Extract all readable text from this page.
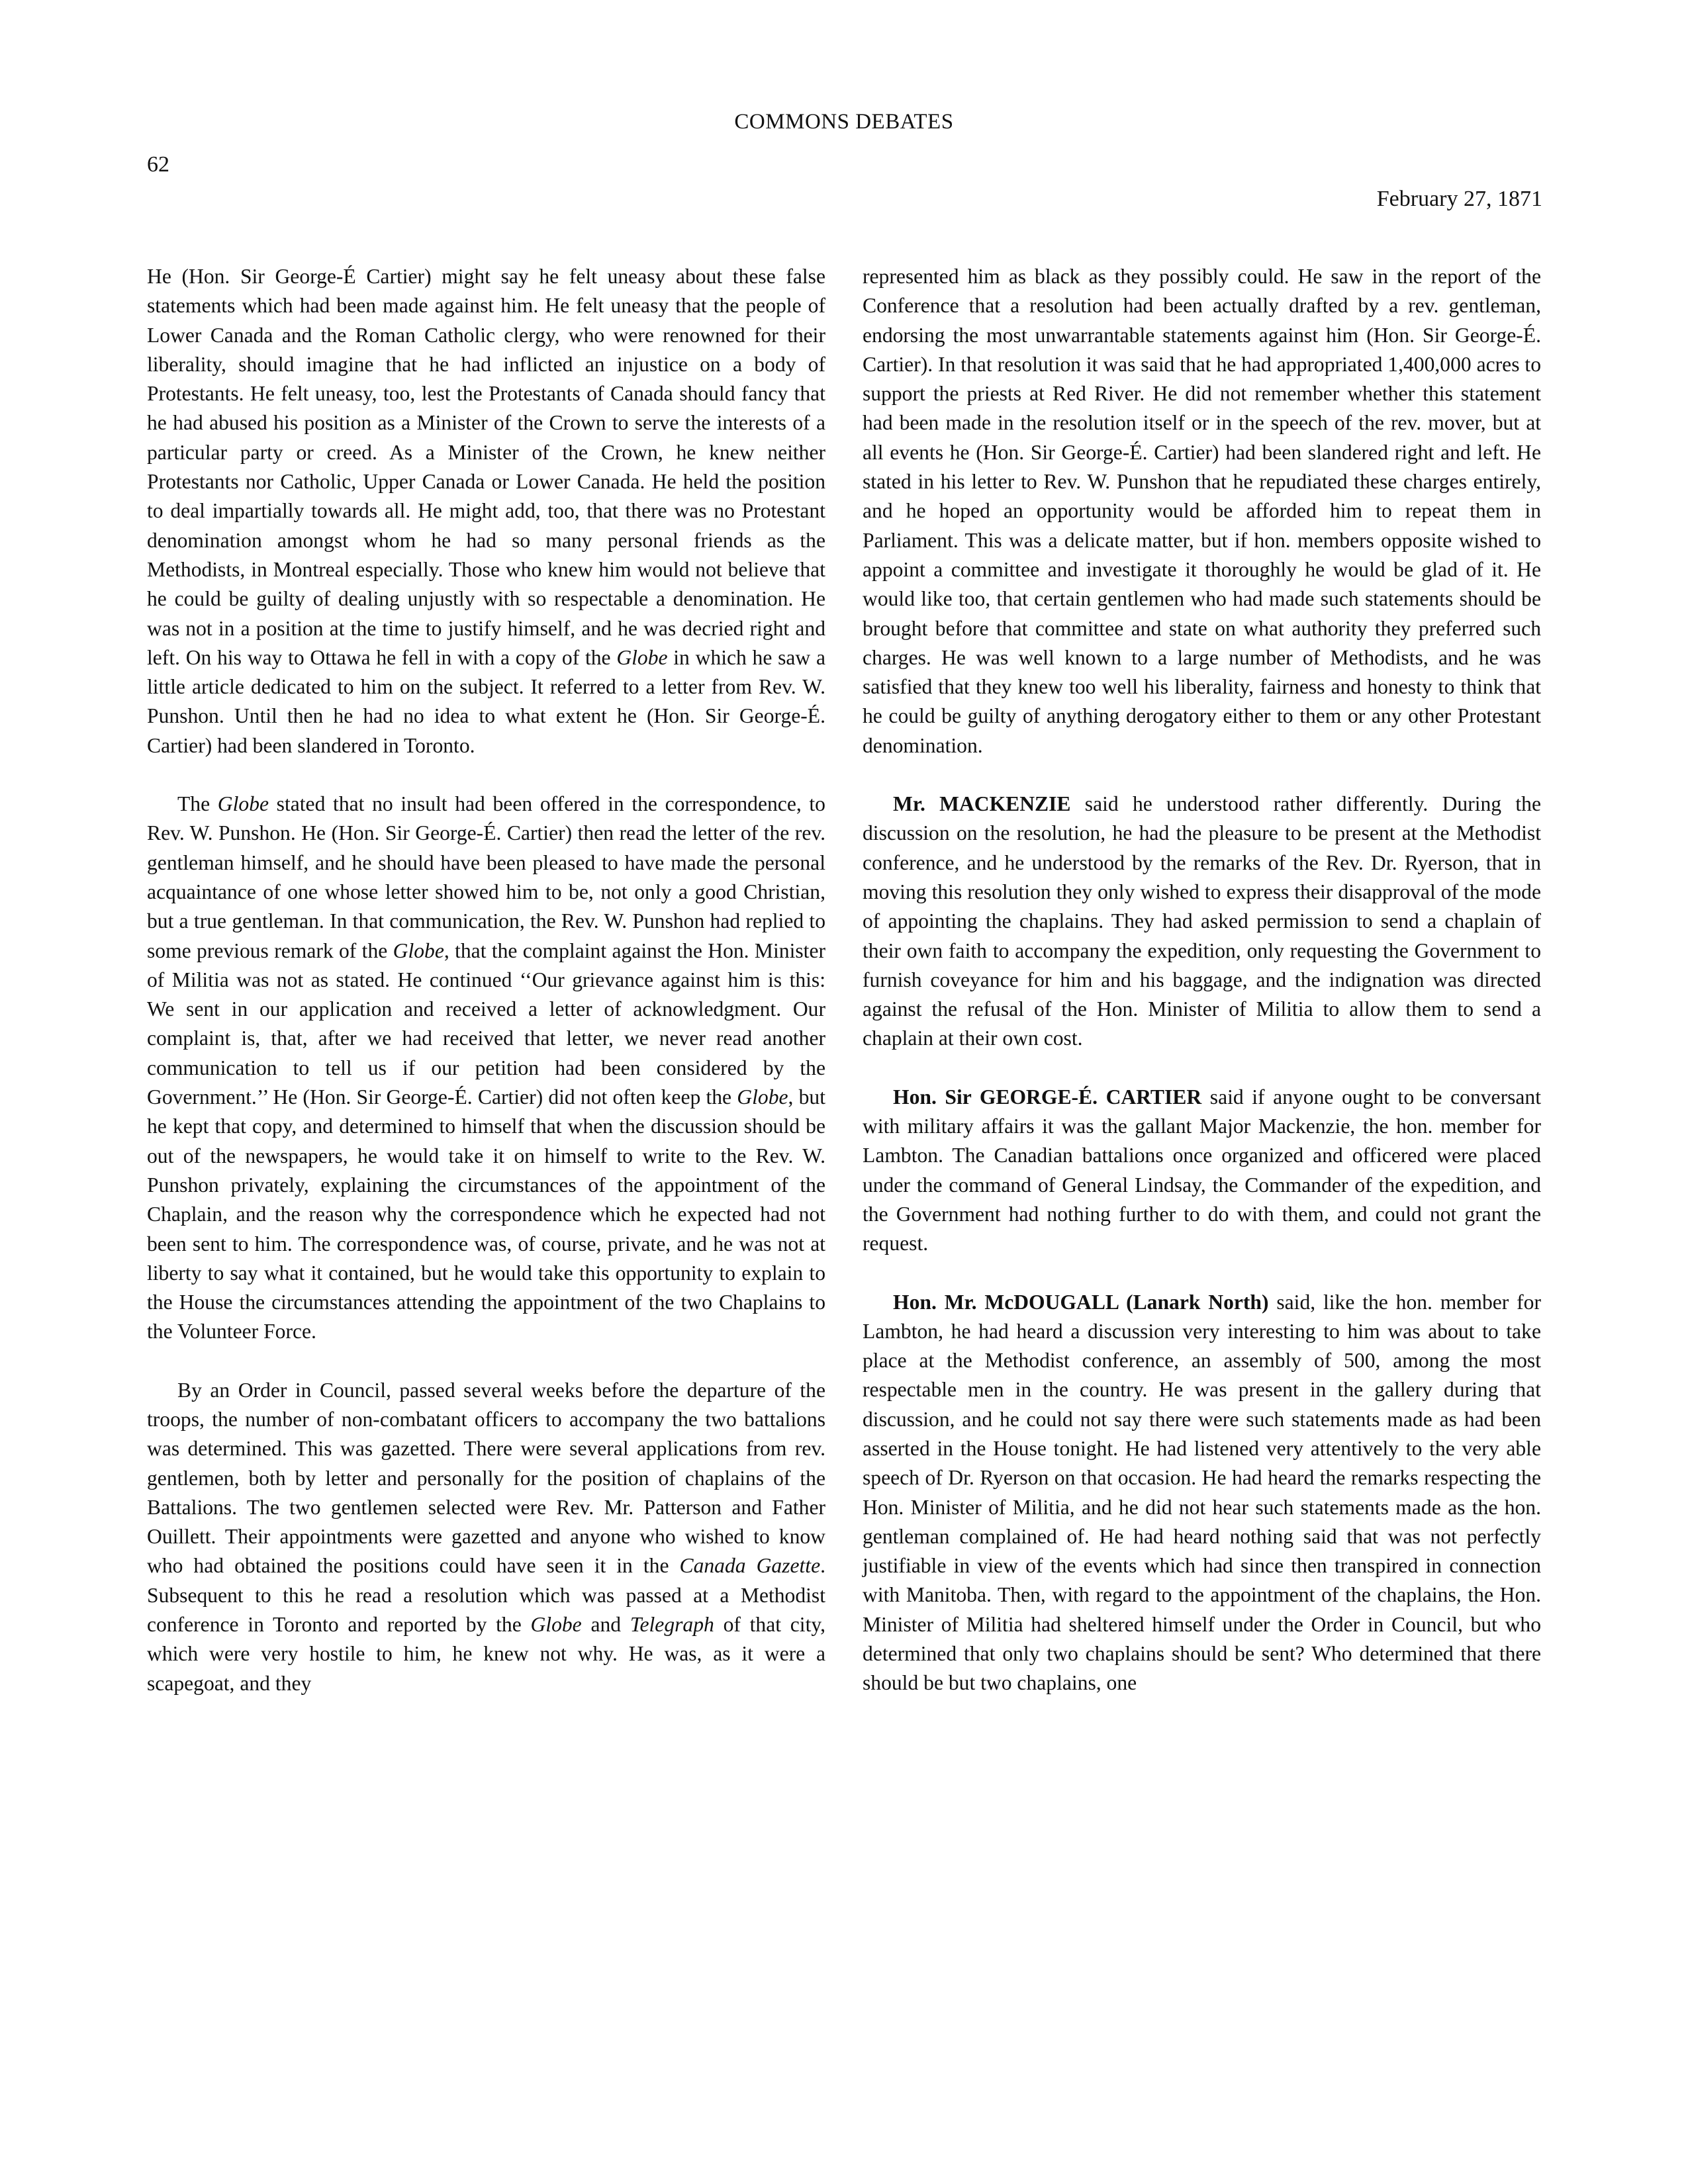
COMMONS DEBATES
62
February 27, 1871

He (Hon. Sir George-É Cartier) might say he felt uneasy about these false statements which had been made against him. He felt uneasy that the people of Lower Canada and the Roman Catholic clergy, who were renowned for their liberality, should imagine that he had inflicted an injustice on a body of Protestants. He felt uneasy, too, lest the Protestants of Canada should fancy that he had abused his position as a Minister of the Crown to serve the interests of a particular party or creed. As a Minister of the Crown, he knew neither Protestants nor Catholic, Upper Canada or Lower Canada. He held the position to deal impartially towards all. He might add, too, that there was no Protestant denomination amongst whom he had so many personal friends as the Methodists, in Montreal especially. Those who knew him would not believe that he could be guilty of dealing unjustly with so respectable a denomination. He was not in a position at the time to justify himself, and he was decried right and left. On his way to Ottawa he fell in with a copy of the Globe in which he saw a little article dedicated to him on the subject. It referred to a letter from Rev. W. Punshon. Until then he had no idea to what extent he (Hon. Sir George-É. Cartier) had been slandered in Toronto.

The Globe stated that no insult had been offered in the correspondence, to Rev. W. Punshon. He (Hon. Sir George-É. Cartier) then read the letter of the rev. gentleman himself, and he should have been pleased to have made the personal acquaintance of one whose letter showed him to be, not only a good Christian, but a true gentleman. In that communication, the Rev. W. Punshon had replied to some previous remark of the Globe, that the complaint against the Hon. Minister of Militia was not as stated. He continued ‘‘Our grievance against him is this: We sent in our application and received a letter of acknowledgment. Our complaint is, that, after we had received that letter, we never read another communication to tell us if our petition had been considered by the Government.’’ He (Hon. Sir George-É. Cartier) did not often keep the Globe, but he kept that copy, and determined to himself that when the discussion should be out of the newspapers, he would take it on himself to write to the Rev. W. Punshon privately, explaining the circumstances of the appointment of the Chaplain, and the reason why the correspondence which he expected had not been sent to him. The correspondence was, of course, private, and he was not at liberty to say what it contained, but he would take this opportunity to explain to the House the circumstances attending the appointment of the two Chaplains to the Volunteer Force.

By an Order in Council, passed several weeks before the departure of the troops, the number of non-combatant officers to accompany the two battalions was determined. This was gazetted. There were several applications from rev. gentlemen, both by letter and personally for the position of chaplains of the Battalions. The two gentlemen selected were Rev. Mr. Patterson and Father Ouillett. Their appointments were gazetted and anyone who wished to know who had obtained the positions could have seen it in the Canada Gazette. Subsequent to this he read a resolution which was passed at a Methodist conference in Toronto and reported by the Globe and Telegraph of that city, which were very hostile to him, he knew not why. He was, as it were a scapegoat, and they

represented him as black as they possibly could. He saw in the report of the Conference that a resolution had been actually drafted by a rev. gentleman, endorsing the most unwarrantable statements against him (Hon. Sir George-É. Cartier). In that resolution it was said that he had appropriated 1,400,000 acres to support the priests at Red River. He did not remember whether this statement had been made in the resolution itself or in the speech of the rev. mover, but at all events he (Hon. Sir George-É. Cartier) had been slandered right and left. He stated in his letter to Rev. W. Punshon that he repudiated these charges entirely, and he hoped an opportunity would be afforded him to repeat them in Parliament. This was a delicate matter, but if hon. members opposite wished to appoint a committee and investigate it thoroughly he would be glad of it. He would like too, that certain gentlemen who had made such statements should be brought before that committee and state on what authority they preferred such charges. He was well known to a large number of Methodists, and he was satisfied that they knew too well his liberality, fairness and honesty to think that he could be guilty of anything derogatory either to them or any other Protestant denomination.

Mr. MACKENZIE said he understood rather differently. During the discussion on the resolution, he had the pleasure to be present at the Methodist conference, and he understood by the remarks of the Rev. Dr. Ryerson, that in moving this resolution they only wished to express their disapproval of the mode of appointing the chaplains. They had asked permission to send a chaplain of their own faith to accompany the expedition, only requesting the Government to furnish coveyance for him and his baggage, and the indignation was directed against the refusal of the Hon. Minister of Militia to allow them to send a chaplain at their own cost.

Hon. Sir GEORGE-É. CARTIER said if anyone ought to be conversant with military affairs it was the gallant Major Mackenzie, the hon. member for Lambton. The Canadian battalions once organized and officered were placed under the command of General Lindsay, the Commander of the expedition, and the Government had nothing further to do with them, and could not grant the request.

Hon. Mr. McDOUGALL (Lanark North) said, like the hon. member for Lambton, he had heard a discussion very interesting to him was about to take place at the Methodist conference, an assembly of 500, among the most respectable men in the country. He was present in the gallery during that discussion, and he could not say there were such statements made as had been asserted in the House tonight. He had listened very attentively to the very able speech of Dr. Ryerson on that occasion. He had heard the remarks respecting the Hon. Minister of Militia, and he did not hear such statements made as the hon. gentleman complained of. He had heard nothing said that was not perfectly justifiable in view of the events which had since then transpired in connection with Manitoba. Then, with regard to the appointment of the chaplains, the Hon. Minister of Militia had sheltered himself under the Order in Council, but who determined that only two chaplains should be sent? Who determined that there should be but two chaplains, one
